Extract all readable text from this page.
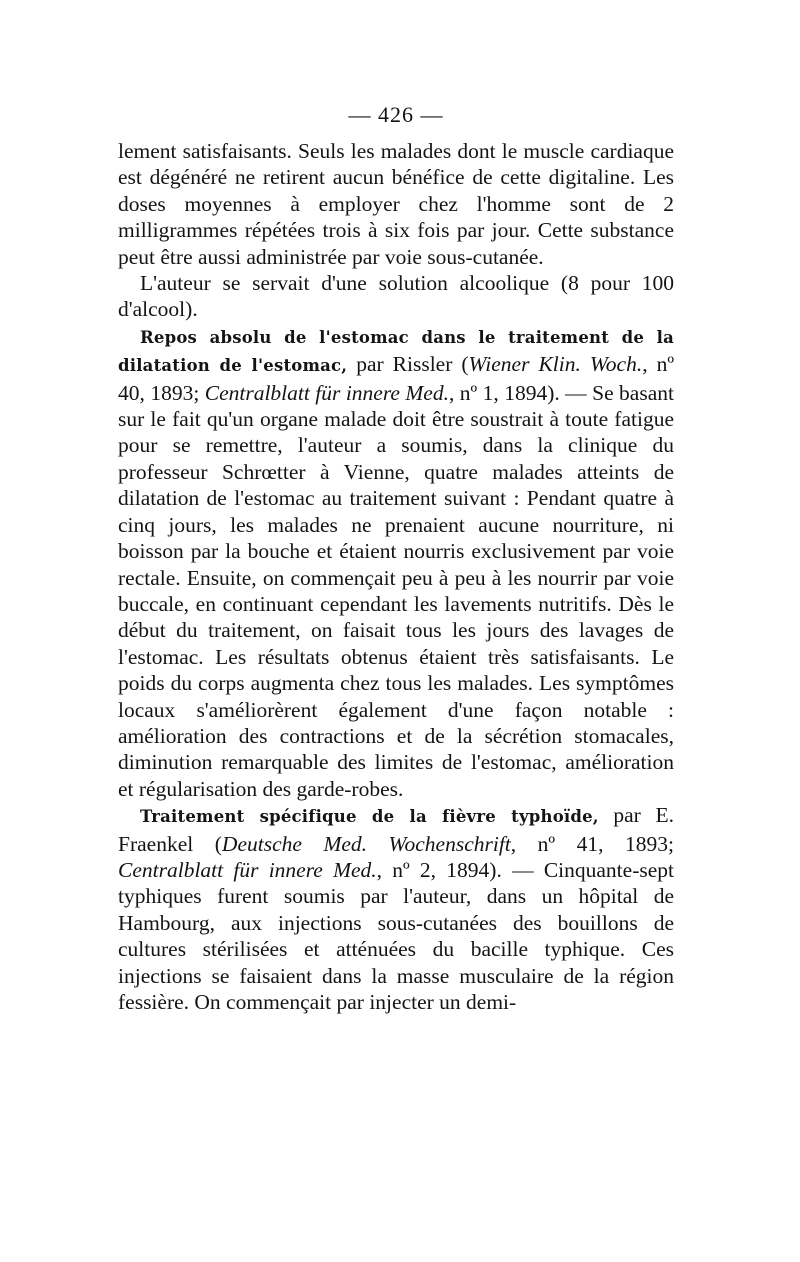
— 426 —

lement satisfaisants. Seuls les malades dont le muscle cardiaque est dégénéré ne retirent aucun bénéfice de cette digitaline. Les doses moyennes à employer chez l'homme sont de 2 milligrammes répétées trois à six fois par jour. Cette substance peut être aussi administrée par voie sous-cutanée.

L'auteur se servait d'une solution alcoolique (8 pour 100 d'alcool).

Repos absolu de l'estomac dans le traitement de la dilatation de l'estomac, par Rissler (Wiener Klin. Woch., nº 40, 1893; Centralblatt für innere Med., nº 1, 1894). — Se basant sur le fait qu'un organe malade doit être soustrait à toute fatigue pour se remettre, l'auteur a soumis, dans la clinique du professeur Schrœtter à Vienne, quatre malades atteints de dilatation de l'estomac au traitement suivant : Pendant quatre à cinq jours, les malades ne prenaient aucune nourriture, ni boisson par la bouche et étaient nourris exclusivement par voie rectale. Ensuite, on commençait peu à peu à les nourrir par voie buccale, en continuant cependant les lavements nutritifs. Dès le début du traitement, on faisait tous les jours des lavages de l'estomac. Les résultats obtenus étaient très satisfaisants. Le poids du corps augmenta chez tous les malades. Les symptômes locaux s'améliorèrent également d'une façon notable : amélioration des contractions et de la sécrétion stomacales, diminution remarquable des limites de l'estomac, amélioration et régularisation des garde-robes.

Traitement spécifique de la fièvre typhoïde, par E. Fraenkel (Deutsche Med. Wochenschrift, nº 41, 1893; Centralblatt für innere Med., nº 2, 1894). — Cinquante-sept typhiques furent soumis par l'auteur, dans un hôpital de Hambourg, aux injections sous-cutanées des bouillons de cultures stérilisées et atténuées du bacille typhique. Ces injections se faisaient dans la masse musculaire de la région fessière. On commençait par injecter un demi-
